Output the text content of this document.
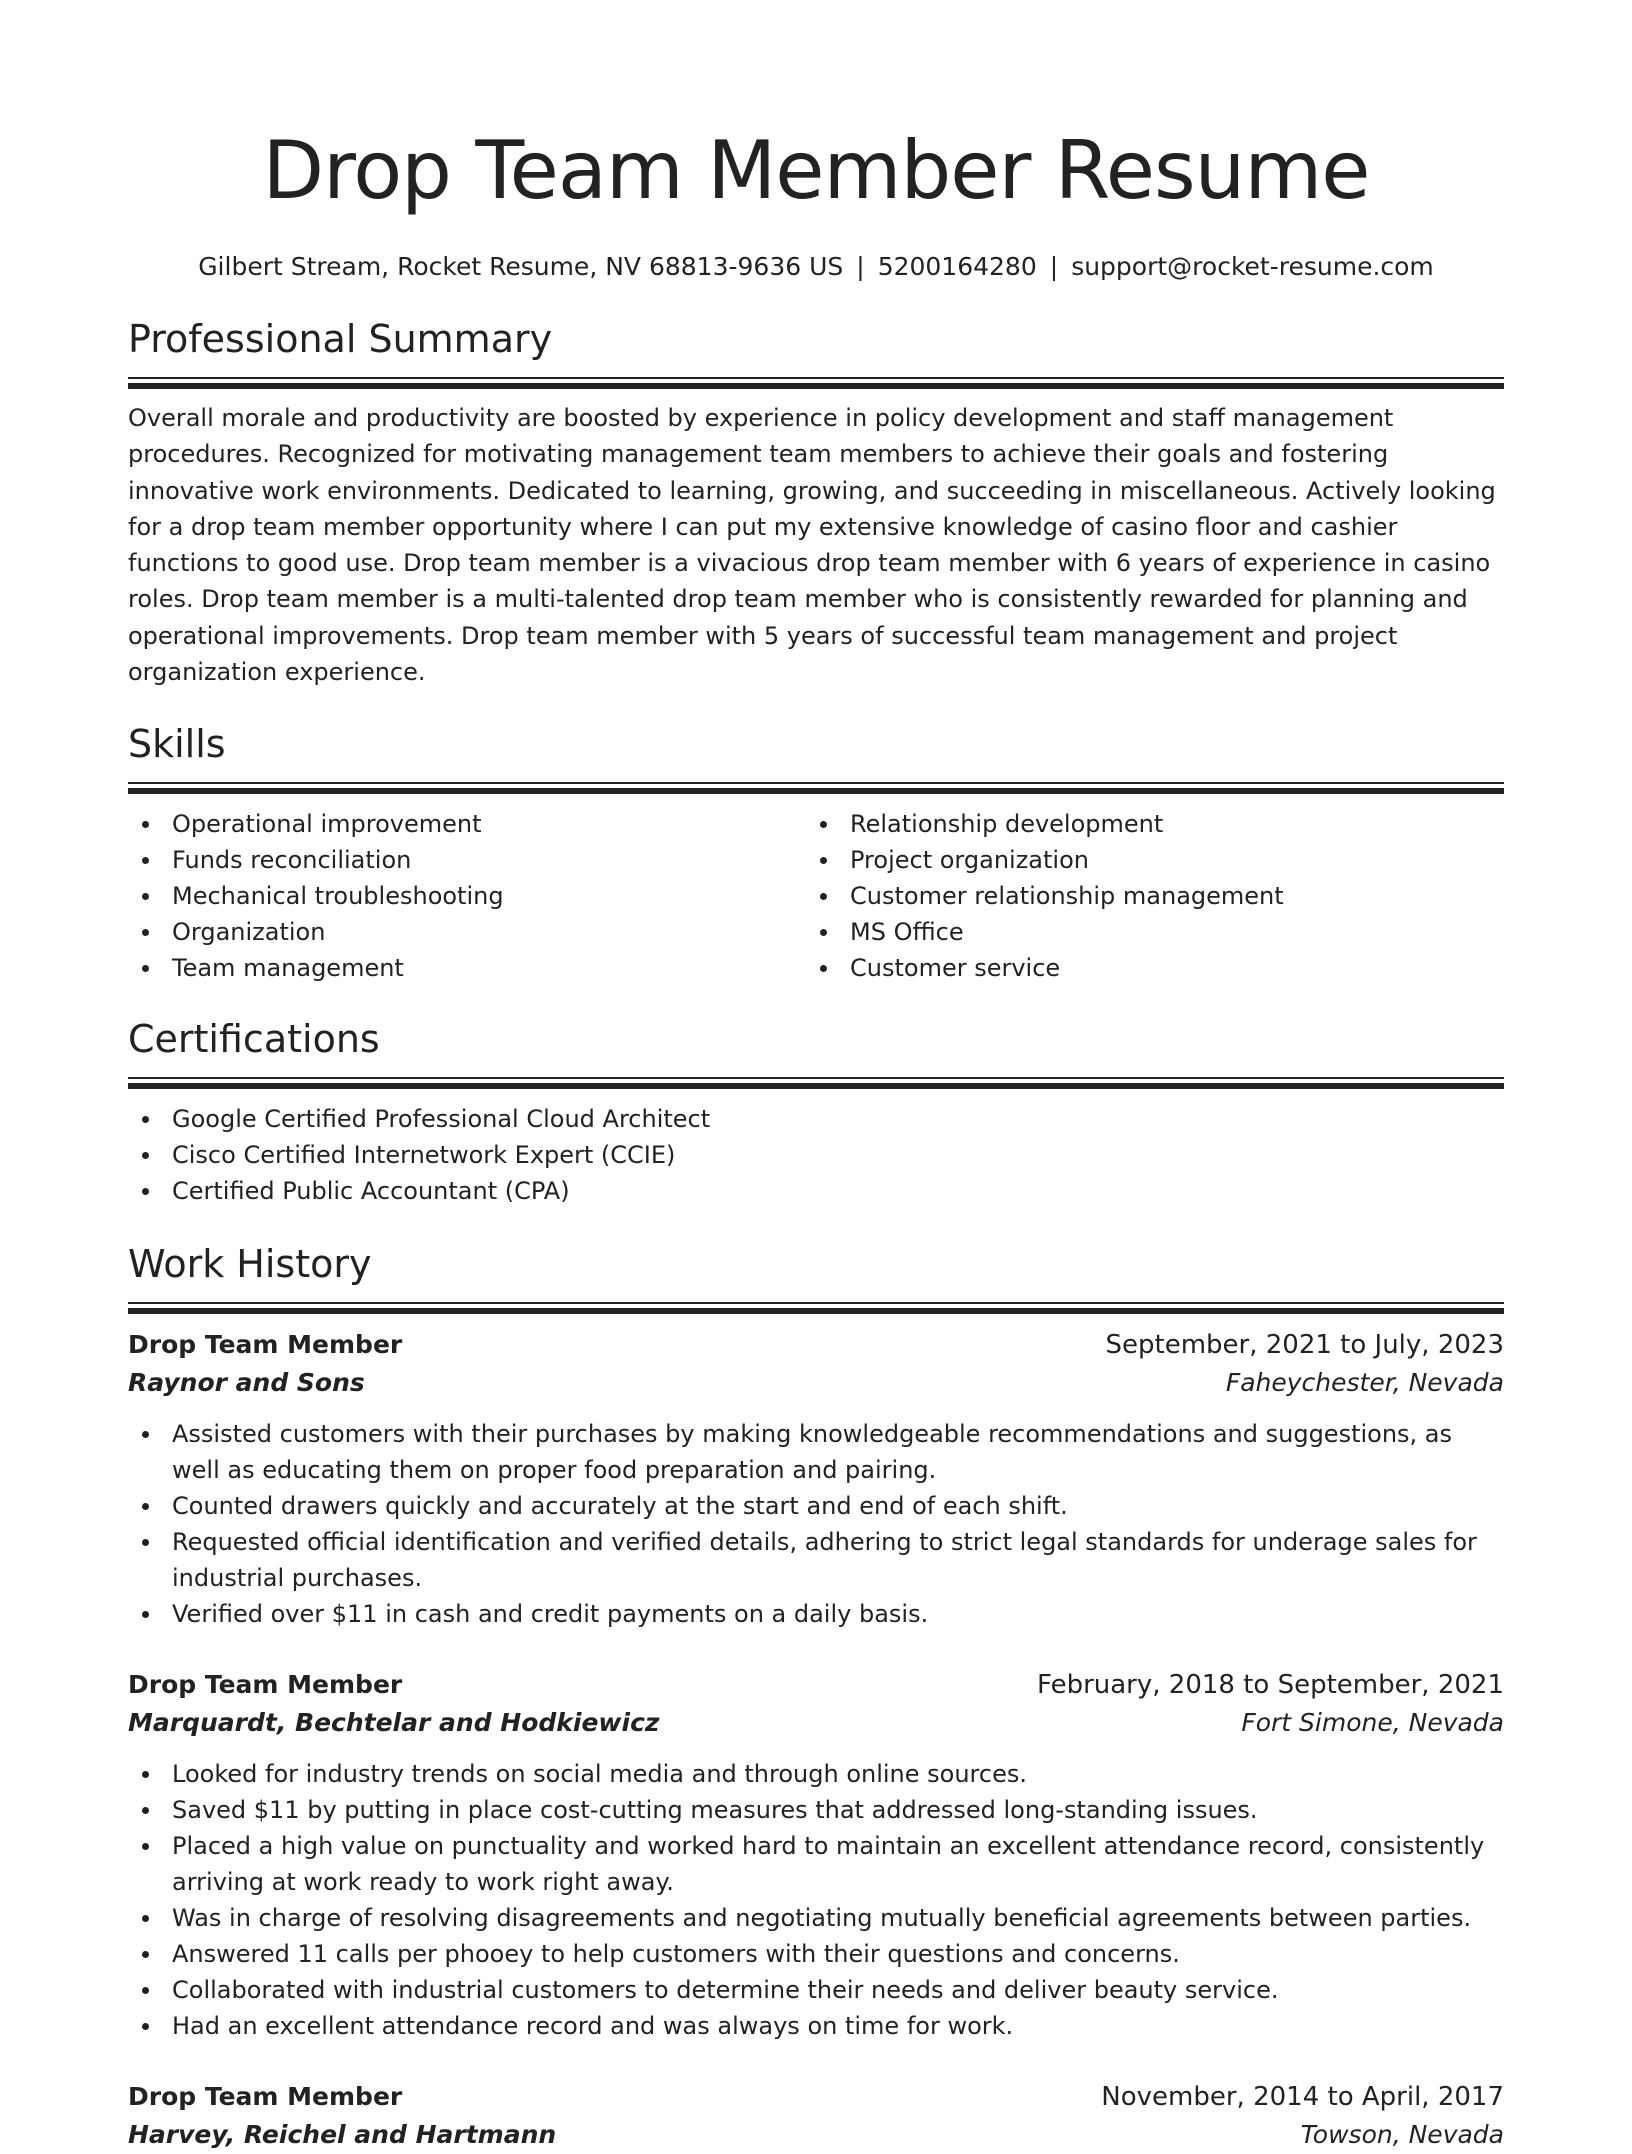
Drop Team Member Resume
Gilbert Stream, Rocket Resume, NV 68813-9636 US | 5200164280 | support@rocket-resume.com
Professional Summary
Overall morale and productivity are boosted by experience in policy development and staff management procedures. Recognized for motivating management team members to achieve their goals and fostering innovative work environments. Dedicated to learning, growing, and succeeding in miscellaneous. Actively looking for a drop team member opportunity where I can put my extensive knowledge of casino floor and cashier functions to good use. Drop team member is a vivacious drop team member with 6 years of experience in casino roles. Drop team member is a multi-talented drop team member who is consistently rewarded for planning and operational improvements. Drop team member with 5 years of successful team management and project organization experience.
Skills
Operational improvement
Funds reconciliation
Mechanical troubleshooting
Organization
Team management
Relationship development
Project organization
Customer relationship management
MS Office
Customer service
Certifications
Google Certified Professional Cloud Architect
Cisco Certified Internetwork Expert (CCIE)
Certified Public Accountant (CPA)
Work History
Drop Team Member	September, 2021 to July, 2023
Raynor and Sons	Faheychester, Nevada
Assisted customers with their purchases by making knowledgeable recommendations and suggestions, as well as educating them on proper food preparation and pairing.
Counted drawers quickly and accurately at the start and end of each shift.
Requested official identification and verified details, adhering to strict legal standards for underage sales for industrial purchases.
Verified over $11 in cash and credit payments on a daily basis.
Drop Team Member	February, 2018 to September, 2021
Marquardt, Bechtelar and Hodkiewicz	Fort Simone, Nevada
Looked for industry trends on social media and through online sources.
Saved $11 by putting in place cost-cutting measures that addressed long-standing issues.
Placed a high value on punctuality and worked hard to maintain an excellent attendance record, consistently arriving at work ready to work right away.
Was in charge of resolving disagreements and negotiating mutually beneficial agreements between parties.
Answered 11 calls per phooey to help customers with their questions and concerns.
Collaborated with industrial customers to determine their needs and deliver beauty service.
Had an excellent attendance record and was always on time for work.
Drop Team Member	November, 2014 to April, 2017
Harvey, Reichel and Hartmann	Towson, Nevada
